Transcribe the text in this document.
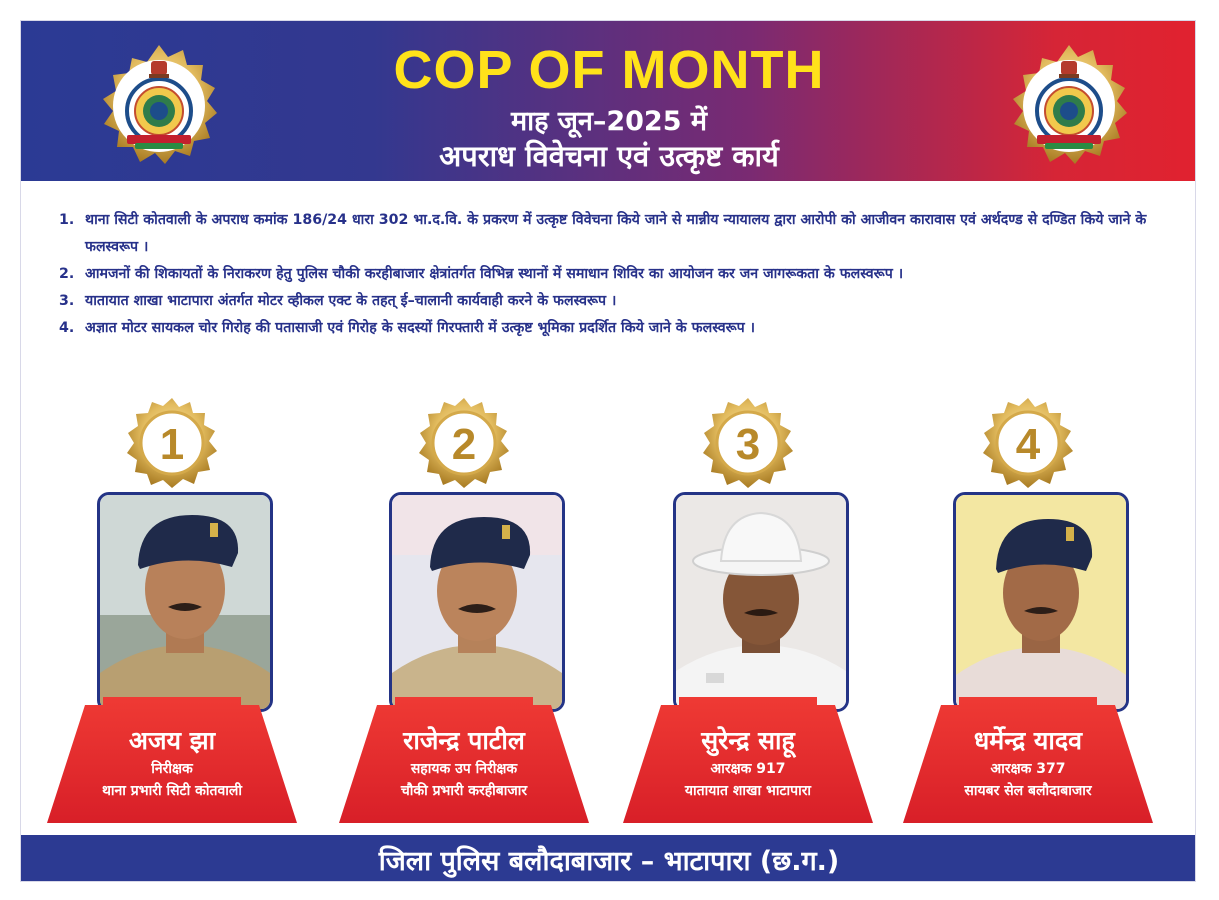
COP OF MONTH
माह जून–2025 में
अपराध विवेचना एवं उत्कृष्ट कार्य
1. थाना सिटी कोतवाली के अपराध कमांक 186/24 धारा 302 भा.द.वि. के प्रकरण में उत्कृष्ट विवेचना किये जाने से मान्नीय न्यायालय द्वारा आरोपी को आजीवन कारावास एवं अर्थदण्ड से दण्डित किये जाने के फलस्वरूप ।
2. आमजनों की शिकायतों के निराकरण हेतु पुलिस चौकी करहीबाजार क्षेत्रांतर्गत विभिन्न स्थानों में समाधान शिविर का आयोजन कर जन जागरूकता के फलस्वरूप ।
3. यातायात शाखा भाटापारा अंतर्गत मोटर व्हीकल एक्ट के तहत् ई–चालानी कार्यवाही करने के फलस्वरूप ।
4. अज्ञात मोटर सायकल चोर गिरोह की पतासाजी एवं गिरोह के सदस्यों गिरफ्तारी में उत्कृष्ट भूमिका प्रदर्शित किये जाने के फलस्वरूप ।
1
अजय झा
निरीक्षक
थाना प्रभारी सिटी कोतवाली
2
राजेन्द्र पाटील
सहायक उप निरीक्षक
चौकी प्रभारी करहीबाजार
3
सुरेन्द्र साहू
आरक्षक 917
यातायात शाखा भाटापारा
4
धर्मेन्द्र यादव
आरक्षक 377
सायबर सेल बलौदाबाजार
जिला पुलिस बलौदाबाजार – भाटापारा (छ.ग.)
